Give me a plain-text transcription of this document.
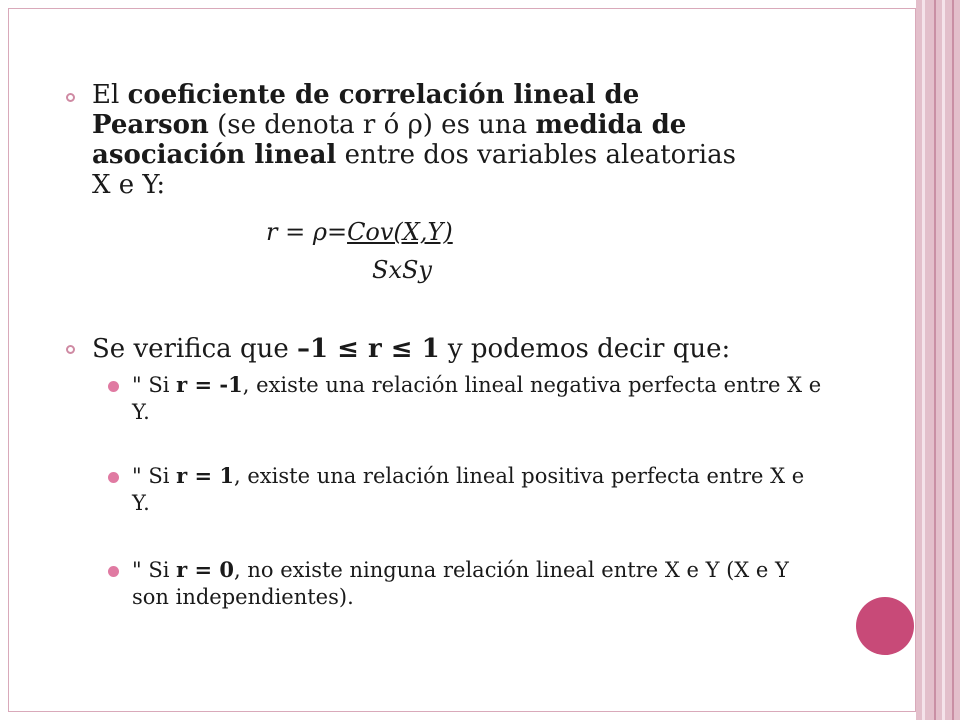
El coeficiente de correlación lineal de Pearson (se denota r ó ρ) es una medida de asociación lineal entre dos variables aleatorias X e Y:

r = ρ=Cov(X,Y)

SxSy

Se verifica que –1 ≤ r ≤ 1 y podemos decir que:

" Si r = -1, existe una relación lineal negativa perfecta entre X e Y.

" Si r = 1, existe una relación lineal positiva perfecta entre X e Y.

" Si r = 0, no existe ninguna relación lineal entre X e Y (X e Y son independientes).
